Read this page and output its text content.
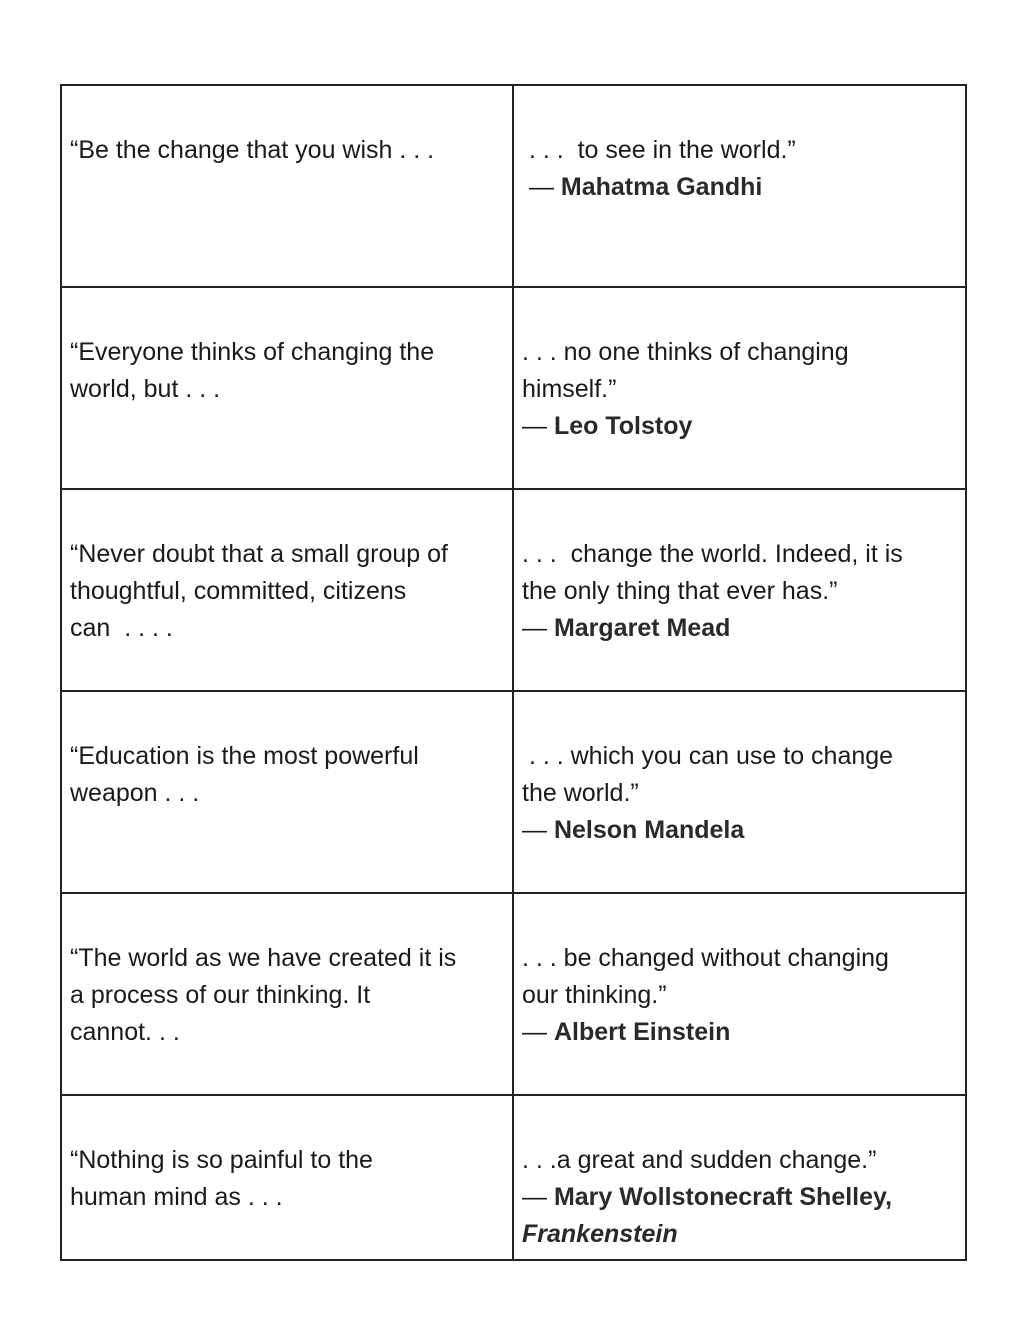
“Be the change that you wish . . .	. . .  to see in the world.”
— Mahatma Gandhi

“Everyone thinks of changing the
world, but . . .	. . . no one thinks of changing
himself.”
— Leo Tolstoy

“Never doubt that a small group of
thoughtful, committed, citizens
can  . . . .	. . .  change the world. Indeed, it is
the only thing that ever has.”
— Margaret Mead

“Education is the most powerful
weapon . . .	. . . which you can use to change
the world.”
— Nelson Mandela

“The world as we have created it is
a process of our thinking. It
cannot. . .	. . . be changed without changing
our thinking.”
— Albert Einstein

“Nothing is so painful to the
human mind as . . .	. . .a great and sudden change.”
— Mary Wollstonecraft Shelley,
Frankenstein
